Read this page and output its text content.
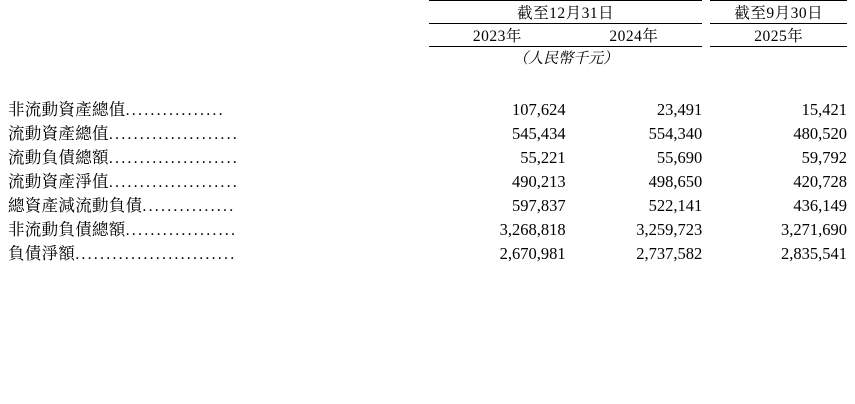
	截至12月31日			截至9月30日
	2023年	2024年		2025年
	（人民幣千元）			

非流動資產總值................	107,624	23,491		15,421
流動資產總值.....................	545,434	554,340		480,520
流動負債總額.....................	55,221	55,690		59,792
流動資產淨值.....................	490,213	498,650		420,728
總資產減流動負債...............	597,837	522,141		436,149
非流動負債總額..................	3,268,818	3,259,723		3,271,690
負債淨額..........................	2,670,981	2,737,582		2,835,541
